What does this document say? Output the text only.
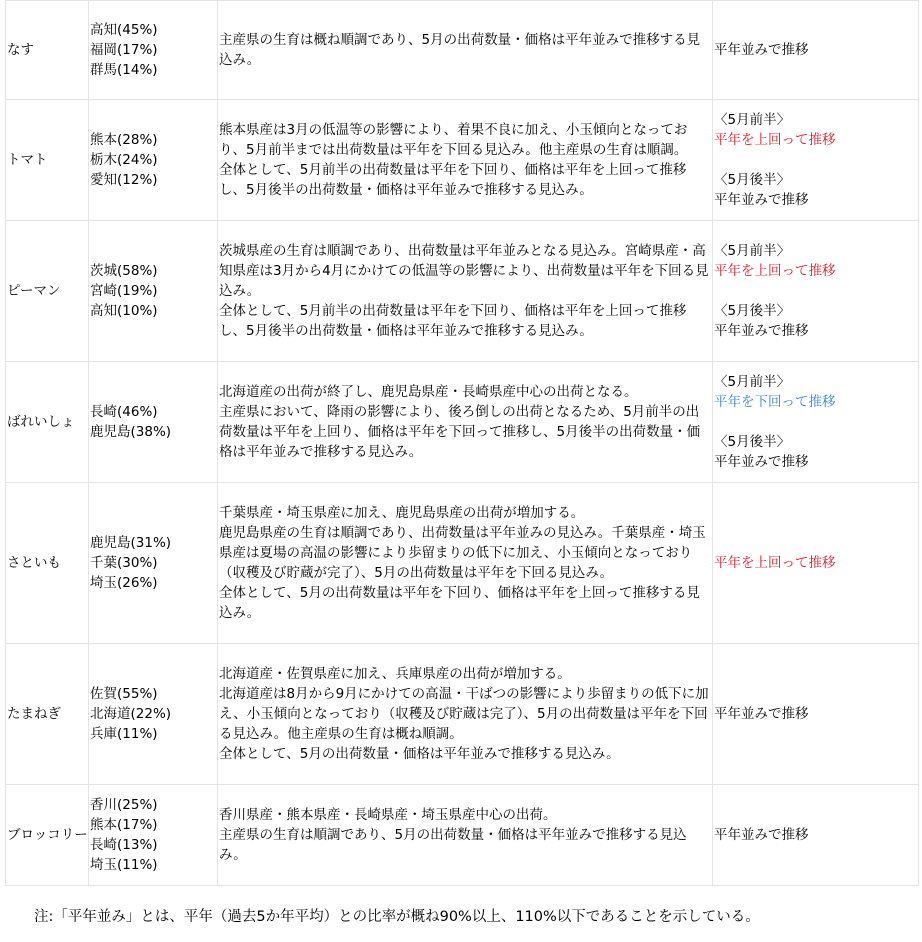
なす	高知(45%)
福岡(17%)
群馬(14%)	主産県の生育は概ね順調であり、5月の出荷数量・価格は平年並みで推移する見込み。	平年並みで推移

トマト	熊本(28%)
栃木(24%)
愛知(12%)	熊本県産は3月の低温等の影響により、着果不良に加え、小玉傾向となっており、5月前半までは出荷数量は平年を下回る見込み。他主産県の生育は順調。
全体として、5月前半の出荷数量は平年を下回り、価格は平年を上回って推移し、5月後半の出荷数量・価格は平年並みで推移する見込み。	〈5月前半〉
平年を上回って推移
〈5月後半〉
平年並みで推移

ピーマン	茨城(58%)
宮崎(19%)
高知(10%)	茨城県産の生育は順調であり、出荷数量は平年並みとなる見込み。宮崎県産・高知県産は3月から4月にかけての低温等の影響により、出荷数量は平年を下回る見込み。
全体として、5月前半の出荷数量は平年を下回り、価格は平年を上回って推移し、5月後半の出荷数量・価格は平年並みで推移する見込み。	〈5月前半〉
平年を上回って推移
〈5月後半〉
平年並みで推移

ばれいしょ	長崎(46%)
鹿児島(38%)	北海道産の出荷が終了し、鹿児島県産・長崎県産中心の出荷となる。
主産県において、降雨の影響により、後ろ倒しの出荷となるため、5月前半の出荷数量は平年を上回り、価格は平年を下回って推移し、5月後半の出荷数量・価格は平年並みで推移する見込み。	〈5月前半〉
平年を下回って推移
〈5月後半〉
平年並みで推移

さといも	鹿児島(31%)
千葉(30%)
埼玉(26%)	千葉県産・埼玉県産に加え、鹿児島県産の出荷が増加する。
鹿児島県産の生育は順調であり、出荷数量は平年並みの見込み。千葉県産・埼玉県産は夏場の高温の影響により歩留まりの低下に加え、小玉傾向となっており（収穫及び貯蔵が完了）、5月の出荷数量は平年を下回る見込み。
全体として、5月の出荷数量は平年を下回り、価格は平年を上回って推移する見込み。	平年を上回って推移

たまねぎ	佐賀(55%)
北海道(22%)
兵庫(11%)	北海道産・佐賀県産に加え、兵庫県産の出荷が増加する。
北海道産は8月から9月にかけての高温・干ばつの影響により歩留まりの低下に加え、小玉傾向となっており（収穫及び貯蔵は完了）、5月の出荷数量は平年を下回る見込み。他主産県の生育は概ね順調。
全体として、5月の出荷数量・価格は平年並みで推移する見込み。	平年並みで推移

ブロッコリー	香川(25%)
熊本(17%)
長崎(13%)
埼玉(11%)	香川県産・熊本県産・長崎県産・埼玉県産中心の出荷。
主産県の生育は順調であり、5月の出荷数量・価格は平年並みで推移する見込み。	平年並みで推移
注:「平年並み」とは、平年（過去5か年平均）との比率が概ね90%以上、110%以下であることを示している。
